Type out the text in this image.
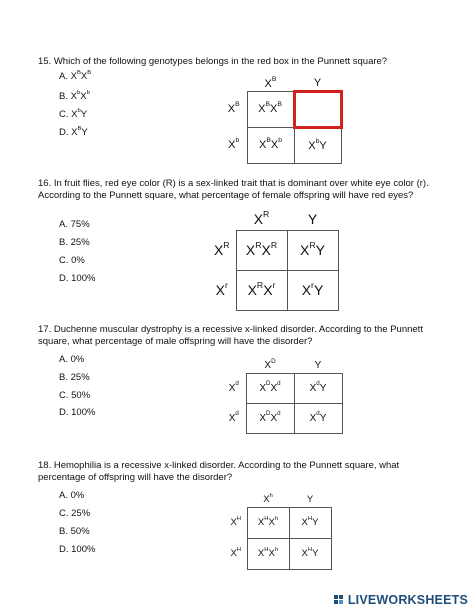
15. Which of the following genotypes belongs in the red box in the Punnett square?
A. $X^BX^B$
B. $X^bX^b$
C. $X^bY$
D. $X^BY$
	$X^B$	Y
$X^B$	$X^BX^B$	
$X^b$	$X^BX^b$	$X^bY$
16. In fruit flies, red eye color (R) is a sex-linked trait that is dominant over white eye color (r). According to the Punnett square, what percentage of female offspring will have red eyes?
A. 75%
B. 25%
C. 0%
D. 100%
	$X^R$	Y
$X^R$	$X^RX^R$	$X^RY$
$X^r$	$X^RX^r$	$X^rY$
17. Duchenne muscular dystrophy is a recessive x-linked disorder. According to the Punnett square, what percentage of male offspring will have the disorder?
A. 0%
B. 25%
C. 50%
D. 100%
	$X^D$	Y
$X^d$	$X^DX^d$	$X^dY$
$X^d$	$X^DX^d$	$X^dY$
18. Hemophilia is a recessive x-linked disorder. According to the Punnett square, what percentage of offspring will have the disorder?
A. 0%
C. 25%
B. 50%
D. 100%
	$X^h$	Y
$X^H$	$X^HX^h$	$X^HY$
$X^H$	$X^HX^h$	$X^HY$
LIVEWORKSHEETS
